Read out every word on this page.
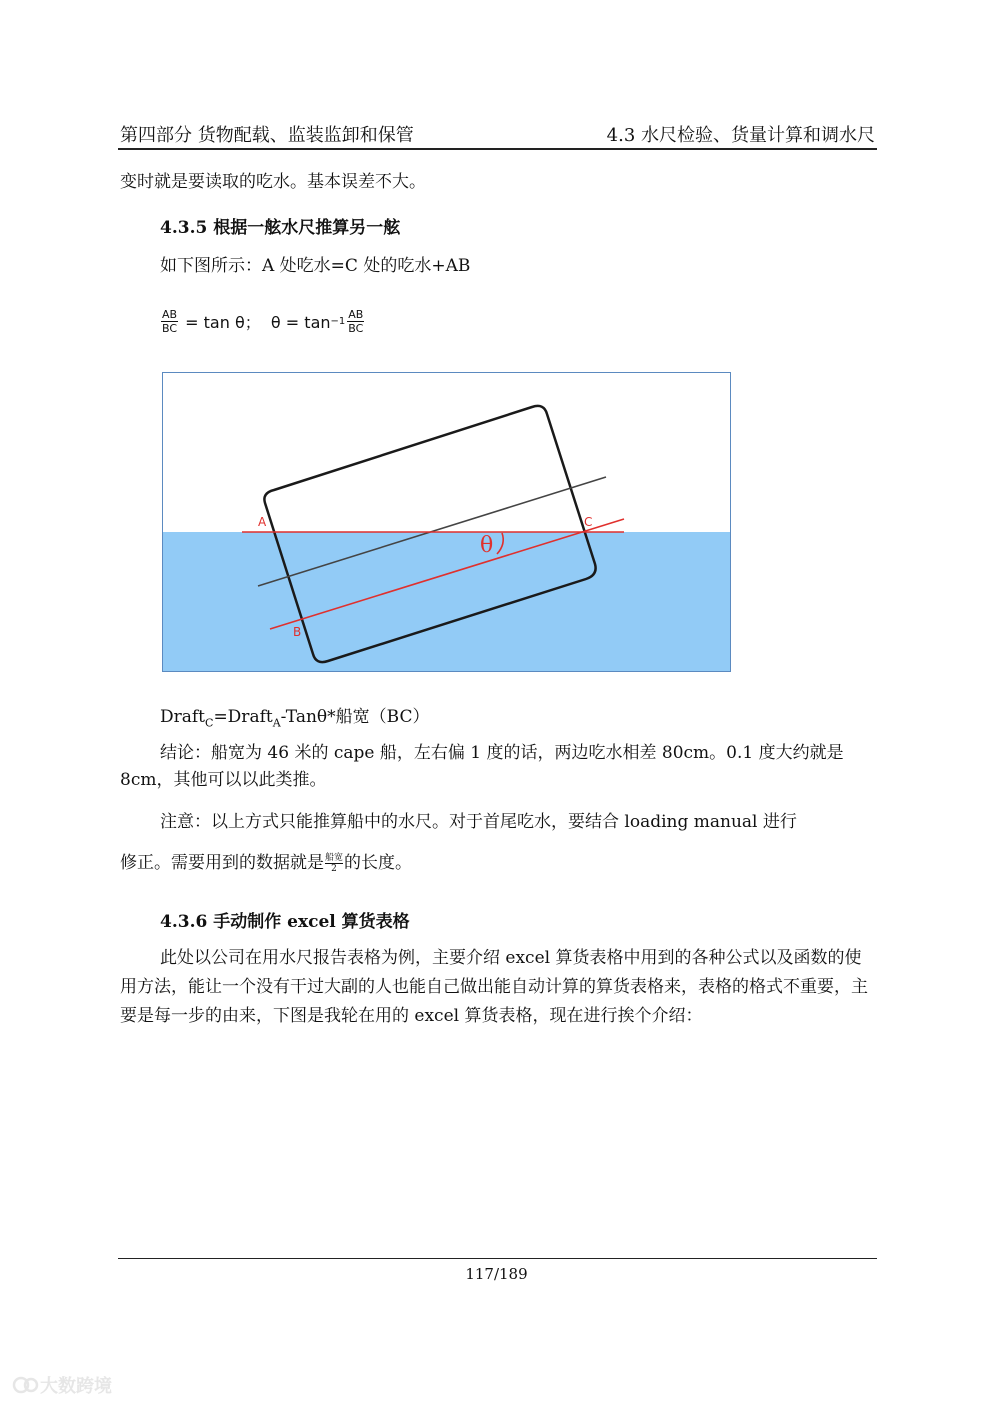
第四部分 货物配载、监装监卸和保管	4.3 水尺检验、货量计算和调水尺
变时就是要读取的吃水。基本误差不大。
4.3.5 根据一舷水尺推算另一舷
如下图所示：A 处吃水=C 处的吃水+AB
$\frac{AB}{BC} = \tan \theta$；  $\theta = \tan -1 \frac{AB}{BC}$
A
B
C
θ
Draft$_C$=Draft$_A$-Tanθ*船宽（BC）
结论：船宽为 46 米的 cape 船，左右偏 1 度的话，两边吃水相差 80cm。0.1 度大约就是 8cm，其他可以以此类推。
注意：以上方式只能推算船中的水尺。对于首尾吃水，要结合 loading manual 进行
修正。需要用到的数据就是 $\frac{\text{船宽}}{2}$ 的长度。
4.3.6 手动制作 excel 算货表格
此处以公司在用水尺报告表格为例，主要介绍 excel 算货表格中用到的各种公式以及函数的使用方法，能让一个没有干过大副的人也能自己做出能自动计算的算货表格来，表格的格式不重要，主要是每一步的由来，下图是我轮在用的 excel 算货表格，现在进行挨个介绍：
117/189
大数跨境
